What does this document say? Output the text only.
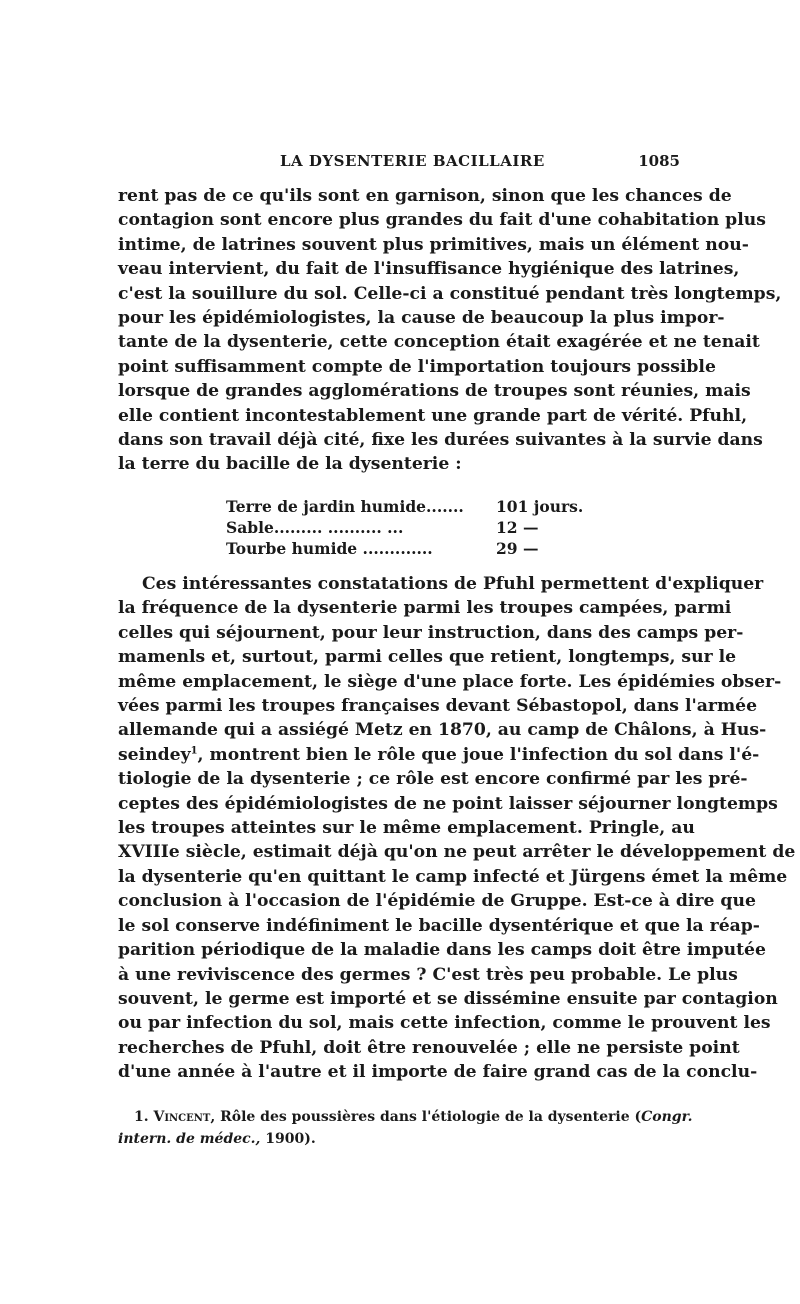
LA DYSENTERIE BACILLAIRE	1085
rent pas de ce qu'ils sont en garnison, sinon que les chances de
contagion sont encore plus grandes du fait d'une cohabitation plus
intime, de latrines souvent plus primitives, mais un élément nou-
veau intervient, du fait de l'insuffisance hygiénique des latrines,
c'est la souillure du sol. Celle-ci a constitué pendant très longtemps,
pour les épidémiologistes, la cause de beaucoup la plus impor-
tante de la dysenterie, cette conception était exagérée et ne tenait
point suffisamment compte de l'importation toujours possible
lorsque de grandes agglomérations de troupes sont réunies, mais
elle contient incontestablement une grande part de vérité. Pfuhl,
dans son travail déjà cité, fixe les durées suivantes à la survie dans
la terre du bacille de la dysenterie :
Terre de jardin humide....... 101 jours.
Sable......... .......... ...	12 —
Tourbe humide .............	29 —
Ces intéressantes constatations de Pfuhl permettent d'expliquer
la fréquence de la dysenterie parmi les troupes campées, parmi
celles qui séjournent, pour leur instruction, dans des camps per-
mamenls et, surtout, parmi celles que retient, longtemps, sur le
même emplacement, le siège d'une place forte. Les épidémies obser-
vées parmi les troupes françaises devant Sébastopol, dans l'armée
allemande qui a assiégé Metz en 1870, au camp de Châlons, à Hus-
seindey$^1$, montrent bien le rôle que joue l'infection du sol dans l'é-
tiologie de la dysenterie ; ce rôle est encore confirmé par les pré-
ceptes des épidémiologistes de ne point laisser séjourner longtemps
les troupes atteintes sur le même emplacement. Pringle, au
XVIIIe siècle, estimait déjà qu'on ne peut arrêter le développement de
la dysenterie qu'en quittant le camp infecté et Jürgens émet la même
conclusion à l'occasion de l'épidémie de Gruppe. Est-ce à dire que
le sol conserve indéfiniment le bacille dysentérique et que la réap-
parition périodique de la maladie dans les camps doit être imputée
à une reviviscence des germes ? C'est très peu probable. Le plus
souvent, le germe est importé et se dissémine ensuite par contagion
ou par infection du sol, mais cette infection, comme le prouvent les
recherches de Pfuhl, doit être renouvelée ; elle ne persiste point
d'une année à l'autre et il importe de faire grand cas de la conclu-
1. Vincent, Rôle des poussières dans l'étiologie de la dysenterie (Congr.
intern. de médec., 1900).
